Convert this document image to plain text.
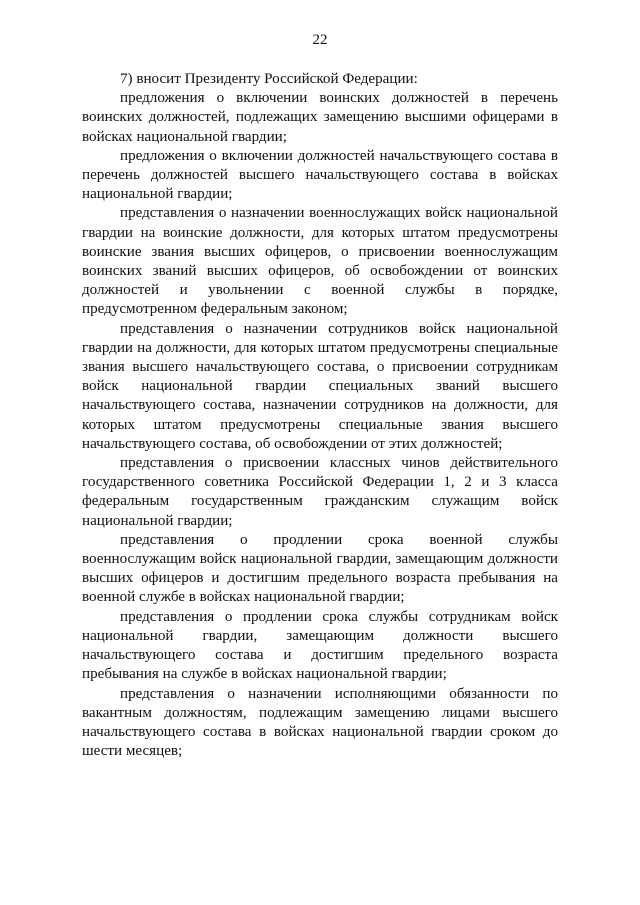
22

7) вносит Президенту Российской Федерации:

предложения о включении воинских должностей в перечень воинских должностей, подлежащих замещению высшими офицерами в войсках национальной гвардии;

предложения о включении должностей начальствующего состава в перечень должностей высшего начальствующего состава в войсках национальной гвардии;

представления о назначении военнослужащих войск национальной гвардии на воинские должности, для которых штатом предусмотрены воинские звания высших офицеров, о присвоении военнослужащим воинских званий высших офицеров, об освобождении от воинских должностей и увольнении с военной службы в порядке, предусмотренном федеральным законом;

представления о назначении сотрудников войск национальной гвардии на должности, для которых штатом предусмотрены специальные звания высшего начальствующего состава, о присвоении сотрудникам войск национальной гвардии специальных званий высшего начальствующего состава, назначении сотрудников на должности, для которых штатом предусмотрены специальные звания высшего начальствующего состава, об освобождении от этих должностей;

представления о присвоении классных чинов действительного государственного советника Российской Федерации 1, 2 и 3 класса федеральным государственным гражданским служащим войск национальной гвардии;

представления о продлении срока военной службы военнослужащим войск национальной гвардии, замещающим должности высших офицеров и достигшим предельного возраста пребывания на военной службе в войсках национальной гвардии;

представления о продлении срока службы сотрудникам войск национальной гвардии, замещающим должности высшего начальствующего состава и достигшим предельного возраста пребывания на службе в войсках национальной гвардии;

представления о назначении исполняющими обязанности по вакантным должностям, подлежащим замещению лицами высшего начальствующего состава в войсках национальной гвардии сроком до шести месяцев;
